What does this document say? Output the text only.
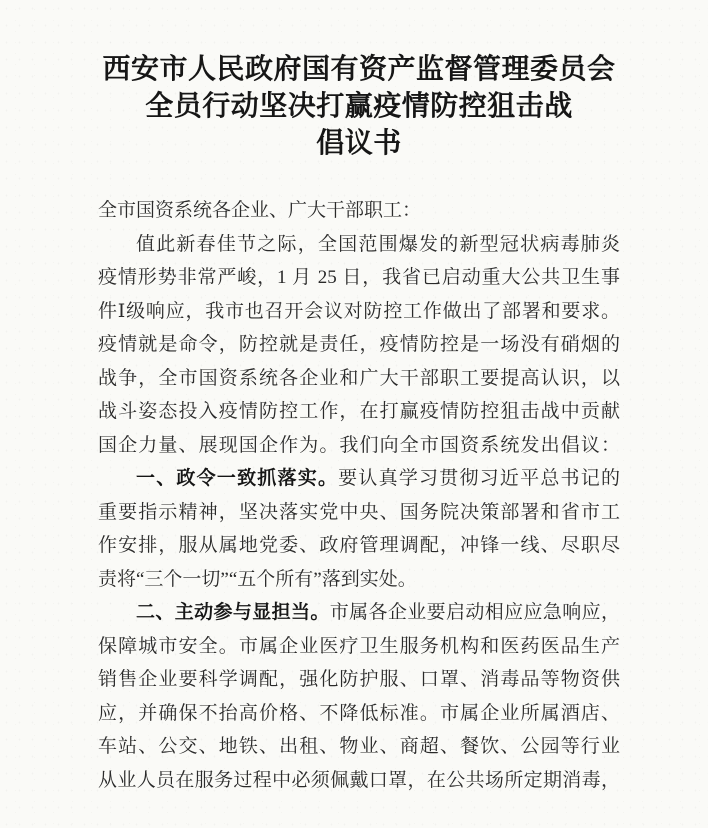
西安市人民政府国有资产监督管理委员会
全员行动坚决打赢疫情防控狙击战
倡议书
全市国资系统各企业、广大干部职工：
值此新春佳节之际，全国范围爆发的新型冠状病毒肺炎
疫情形势非常严峻，1 月 25 日，我省已启动重大公共卫生事
件Ⅰ级响应，我市也召开会议对防控工作做出了部署和要求。
疫情就是命令，防控就是责任，疫情防控是一场没有硝烟的
战争，全市国资系统各企业和广大干部职工要提高认识，以
战斗姿态投入疫情防控工作，在打赢疫情防控狙击战中贡献
国企力量、展现国企作为。我们向全市国资系统发出倡议：
一、政令一致抓落实。要认真学习贯彻习近平总书记的
重要指示精神，坚决落实党中央、国务院决策部署和省市工
作安排，服从属地党委、政府管理调配，冲锋一线、尽职尽
责将“三个一切”“五个所有”落到实处。
二、主动参与显担当。市属各企业要启动相应应急响应，
保障城市安全。市属企业医疗卫生服务机构和医药医品生产
销售企业要科学调配，强化防护服、口罩、消毒品等物资供
应，并确保不抬高价格、不降低标准。市属企业所属酒店、
车站、公交、地铁、出租、物业、商超、餐饮、公园等行业
从业人员在服务过程中必须佩戴口罩，在公共场所定期消毒，
